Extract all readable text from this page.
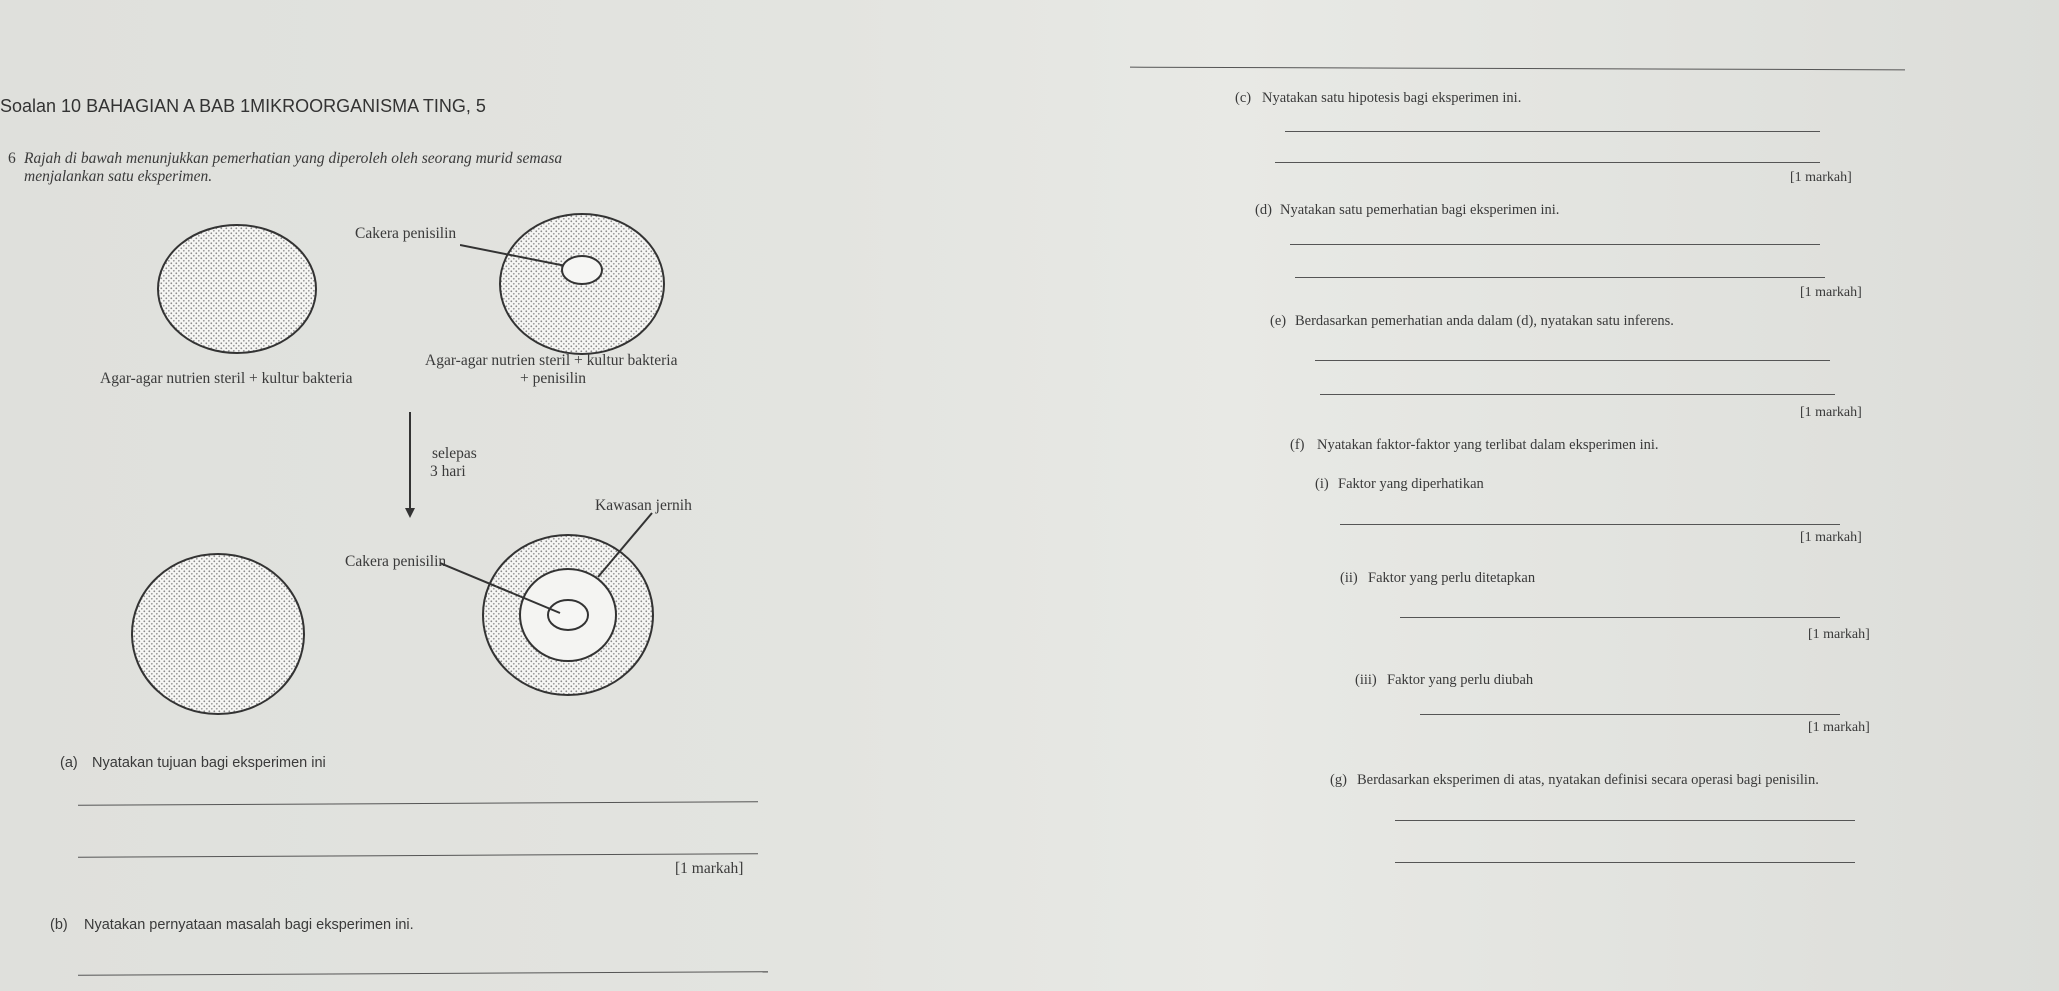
Soalan 10 BAHAGIAN A BAB 1MIKROORGANISMA TING, 5
6 Rajah di bawah menunjukkan pemerhatian yang diperoleh oleh seorang murid semasa
menjalankan satu eksperimen.
Cakera penisilin
Agar-agar nutrien steril + kultur bakteria
Agar-agar nutrien steril + kultur bakteria
+ penisilin
selepas
3 hari
Kawasan jernih
Cakera penisilin
(a) Nyatakan tujuan bagi eksperimen ini
[1 markah]
(b) Nyatakan pernyataan masalah bagi eksperimen ini.
(c) Nyatakan satu hipotesis bagi eksperimen ini.
[1 markah]
(d) Nyatakan satu pemerhatian bagi eksperimen ini.
[1 markah]
(e) Berdasarkan pemerhatian anda dalam (d), nyatakan satu inferens.
[1 markah]
(f) Nyatakan faktor-faktor yang terlibat dalam eksperimen ini.
(i) Faktor yang diperhatikan
[1 markah]
(ii) Faktor yang perlu ditetapkan
[1 markah]
(iii) Faktor yang perlu diubah
[1 markah]
(g) Berdasarkan eksperimen di atas, nyatakan definisi secara operasi bagi penisilin.
